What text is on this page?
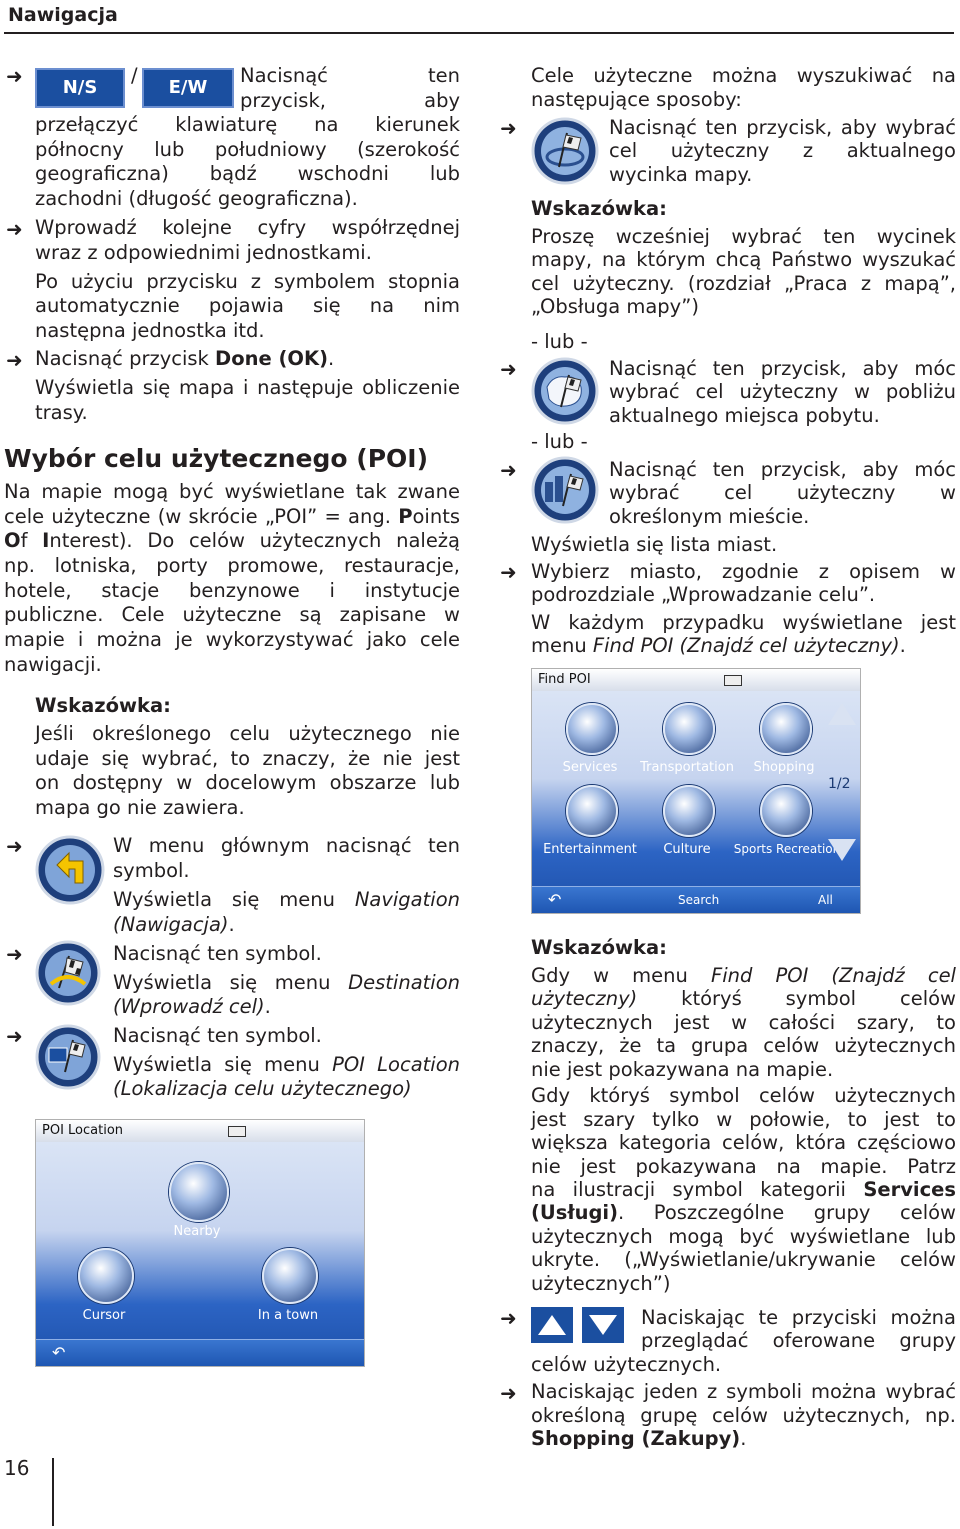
Nawigacja
➜	N/S
/
E/W
Nacisnąć ten
przycisk, aby
przełączyć klawiaturę na kierunek
północny lub południowy (szerokość
geograficzna) bądź wschodni lub
zachodni (długość geograficzna).
➜ Wprowadź kolejne cyfry współrzędnej
wraz z odpowiednimi jednostkami.
Po użyciu przycisku z symbolem stopnia
automatycznie pojawia się na nim
następna jednostka itd.
➜ Nacisnąć przycisk Done (OK).
Wyświetla się mapa i następuje obliczenie
trasy.
Wybór celu użytecznego (POI)
Na mapie mogą być wyświetlane tak zwane
cele użyteczne (w skrócie „POI” = ang. Points
Of Interest). Do celów użytecznych należą
np. lotniska, porty promowe, restauracje,
hotele, stacje benzynowe i instytucje
publiczne. Cele użyteczne są zapisane w
mapie i można je wykorzystywać jako cele
nawigacji.
Wskazówka:
Jeśli określonego celu użytecznego nie
udaje się wybrać, to znaczy, że nie jest
on dostępny w docelowym obszarze lub
mapa go nie zawiera.
➜	W menu głównym nacisnąć ten
symbol.
Wyświetla się menu Navigation
(Nawigacja).
➜	Nacisnąć ten symbol.
Wyświetla się menu Destination
(Wprowadź cel).
➜	Nacisnąć ten symbol.
Wyświetla się menu POI Location
(Lokalizacja celu użytecznego)
POI Location
Nearby
Cursor	In a town
↶
16
Cele użyteczne można wyszukiwać na
następujące sposoby:
➜	Nacisnąć ten przycisk, aby wybrać
cel użyteczny z aktualnego
wycinka mapy.
Wskazówka:
Proszę wcześniej wybrać ten wycinek
mapy, na którym chcą Państwo wyszukać
cel użyteczny. (rozdział „Praca z mapą”,
„Obsługa mapy”)
- lub -
➜	Nacisnąć ten przycisk, aby móc
wybrać cel użyteczny w pobliżu
aktualnego miejsca pobytu.
- lub -
➜	Nacisnąć ten przycisk, aby móc
wybrać cel użyteczny w
określonym mieście.
Wyświetla się lista miast.
➜ Wybierz miasto, zgodnie z opisem w
podrozdziale „Wprowadzanie celu”.
W każdym przypadku wyświetlane jest
menu Find POI (Znajdź cel użyteczny).
Find POI
Services	Transportation	Shopping
1/2
Entertainment	Culture	Sports Recreation
↶	Search	All
Wskazówka:
Gdy w menu Find POI (Znajdź cel
użyteczny) któryś symbol celów
użytecznych jest w całości szary, to
znaczy, że ta grupa celów użytecznych
nie jest pokazywana na mapie.
Gdy któryś symbol celów użytecznych
jest szary tylko w połowie, to jest to
większa kategoria celów, która częściowo
nie jest pokazywana na mapie. Patrz
na ilustracji symbol kategorii Services
(Usługi). Poszczególne grupy celów
użytecznych mogą być wyświetlane lub
ukryte. („Wyświetlanie/ukrywanie celów
użytecznych”)
➜	Naciskając te przyciski można
przeglądać oferowane grupy
celów użytecznych.
➜ Naciskając jeden z symboli można wybrać
określoną grupę celów użytecznych, np.
Shopping (Zakupy).
